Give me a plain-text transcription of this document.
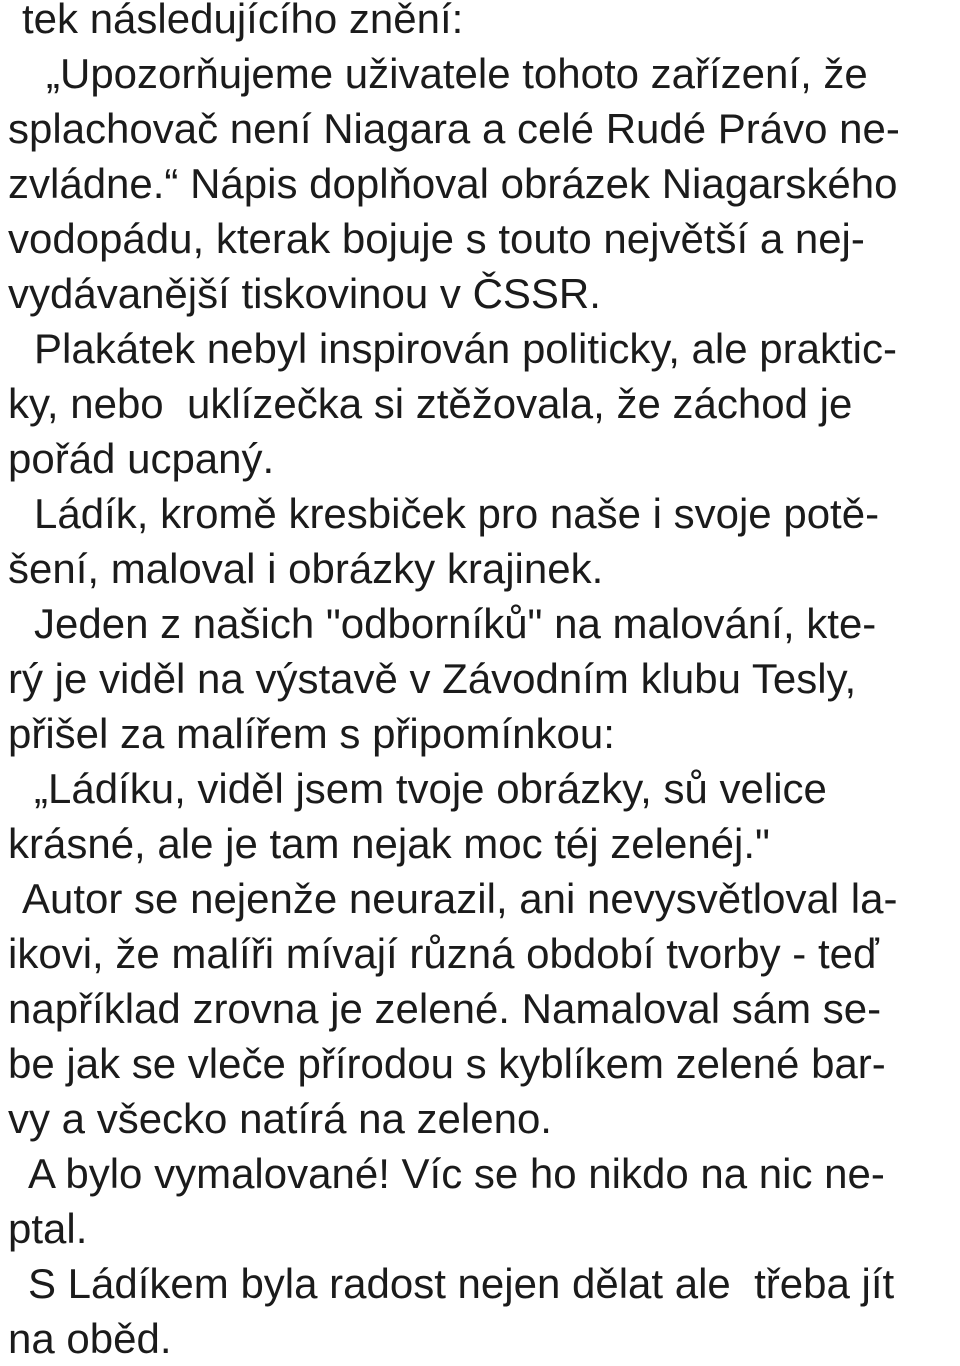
tek následujícího znění:
„Upozorňujeme uživatele tohoto zařízení, že
splachovač není Niagara a celé Rudé Právo ne-
zvládne.“ Nápis doplňoval obrázek Niagarského
vodopádu, kterak bojuje s touto největší a nej-
vydávanější tiskovinou v ČSSR.
Plakátek nebyl inspirován politicky, ale praktic-
ky, nebo  uklízečka si ztěžovala, že záchod je
pořád ucpaný.
Ládík, kromě kresbiček pro naše i svoje potě-
šení, maloval i obrázky krajinek.
Jeden z našich "odborníků" na malování, kte-
rý je viděl na výstavě v Závodním klubu Tesly,
přišel za malířem s připomínkou:
„Ládíku, viděl jsem tvoje obrázky, sů velice
krásné, ale je tam nejak moc téj zelenéj."
Autor se nejenže neurazil, ani nevysvětloval la-
ikovi, že malíři mívají různá období tvorby - teď
například zrovna je zelené. Namaloval sám se-
be jak se vleče přírodou s kyblíkem zelené bar-
vy a všecko natírá na zeleno.
A bylo vymalované! Víc se ho nikdo na nic ne-
ptal.
S Ládíkem byla radost nejen dělat ale  třeba jít
na oběd.
